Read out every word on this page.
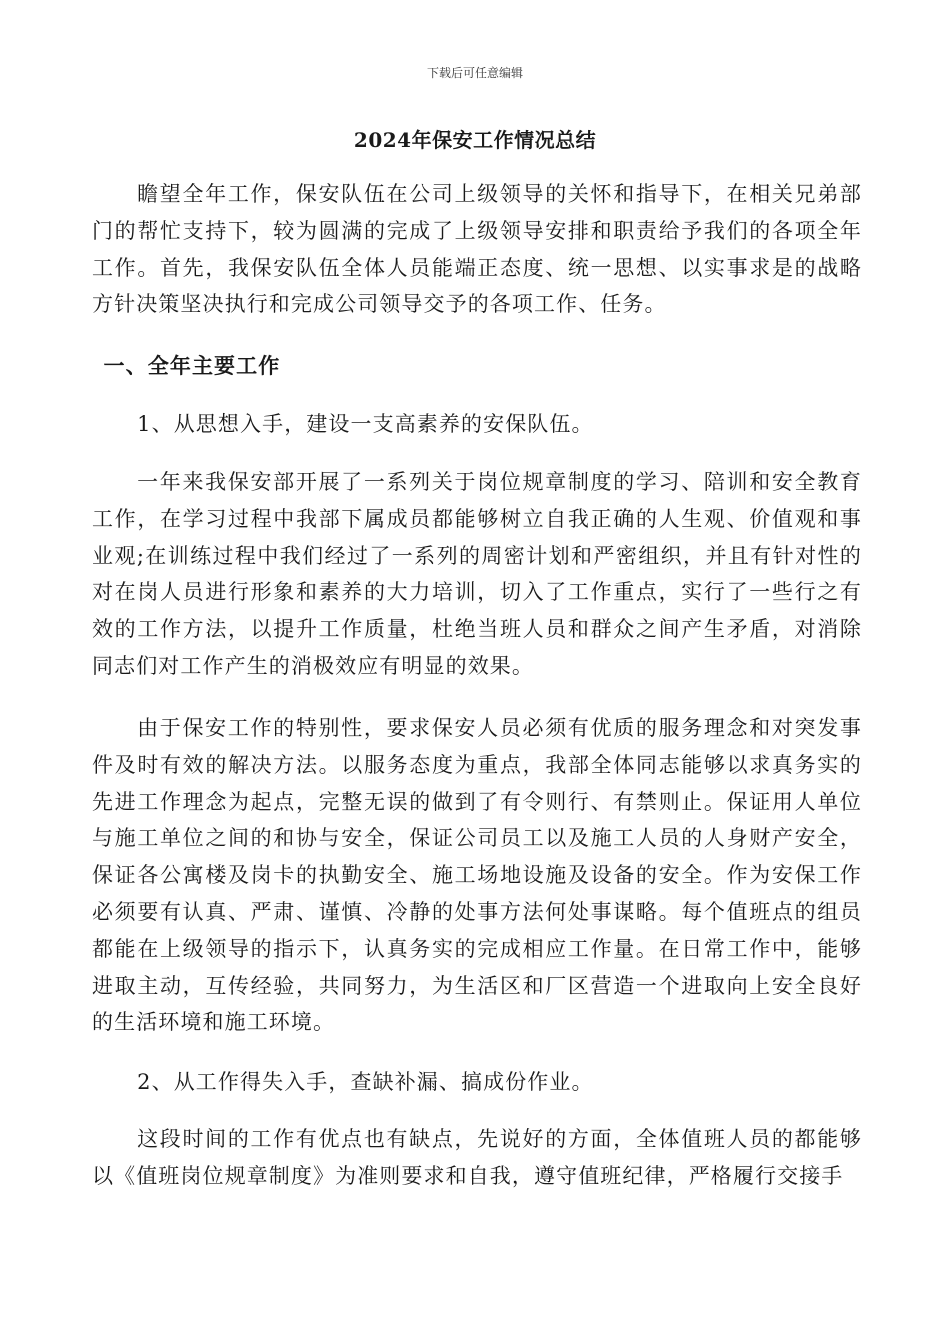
下载后可任意编辑
2024年保安工作情况总结

瞻望全年工作，保安队伍在公司上级领导的关怀和指导下，在相关兄弟部门的帮忙支持下，较为圆满的完成了上级领导安排和职责给予我们的各项全年工作。首先，我保安队伍全体人员能端正态度、统一思想、以实事求是的战略方针决策坚决执行和完成公司领导交予的各项工作、任务。

一、全年主要工作

1、从思想入手，建设一支高素养的安保队伍。

一年来我保安部开展了一系列关于岗位规章制度的学习、陪训和安全教育工作，在学习过程中我部下属成员都能够树立自我正确的人生观、价值观和事业观;在训练过程中我们经过了一系列的周密计划和严密组织，并且有针对性的对在岗人员进行形象和素养的大力培训，切入了工作重点，实行了一些行之有效的工作方法，以提升工作质量，杜绝当班人员和群众之间产生矛盾，对消除同志们对工作产生的消极效应有明显的效果。

由于保安工作的特别性，要求保安人员必须有优质的服务理念和对突发事件及时有效的解决方法。以服务态度为重点，我部全体同志能够以求真务实的先进工作理念为起点，完整无误的做到了有令则行、有禁则止。保证用人单位与施工单位之间的和协与安全，保证公司员工以及施工人员的人身财产安全，保证各公寓楼及岗卡的执勤安全、施工场地设施及设备的安全。作为安保工作必须要有认真、严肃、谨慎、冷静的处事方法何处事谋略。每个值班点的组员都能在上级领导的指示下，认真务实的完成相应工作量。在日常工作中，能够进取主动，互传经验，共同努力，为生活区和厂区营造一个进取向上安全良好的生活环境和施工环境。

2、从工作得失入手，查缺补漏、搞成份作业。

这段时间的工作有优点也有缺点，先说好的方面，全体值班人员的都能够以《值班岗位规章制度》为准则要求和自我，遵守值班纪律，严格履行交接手
